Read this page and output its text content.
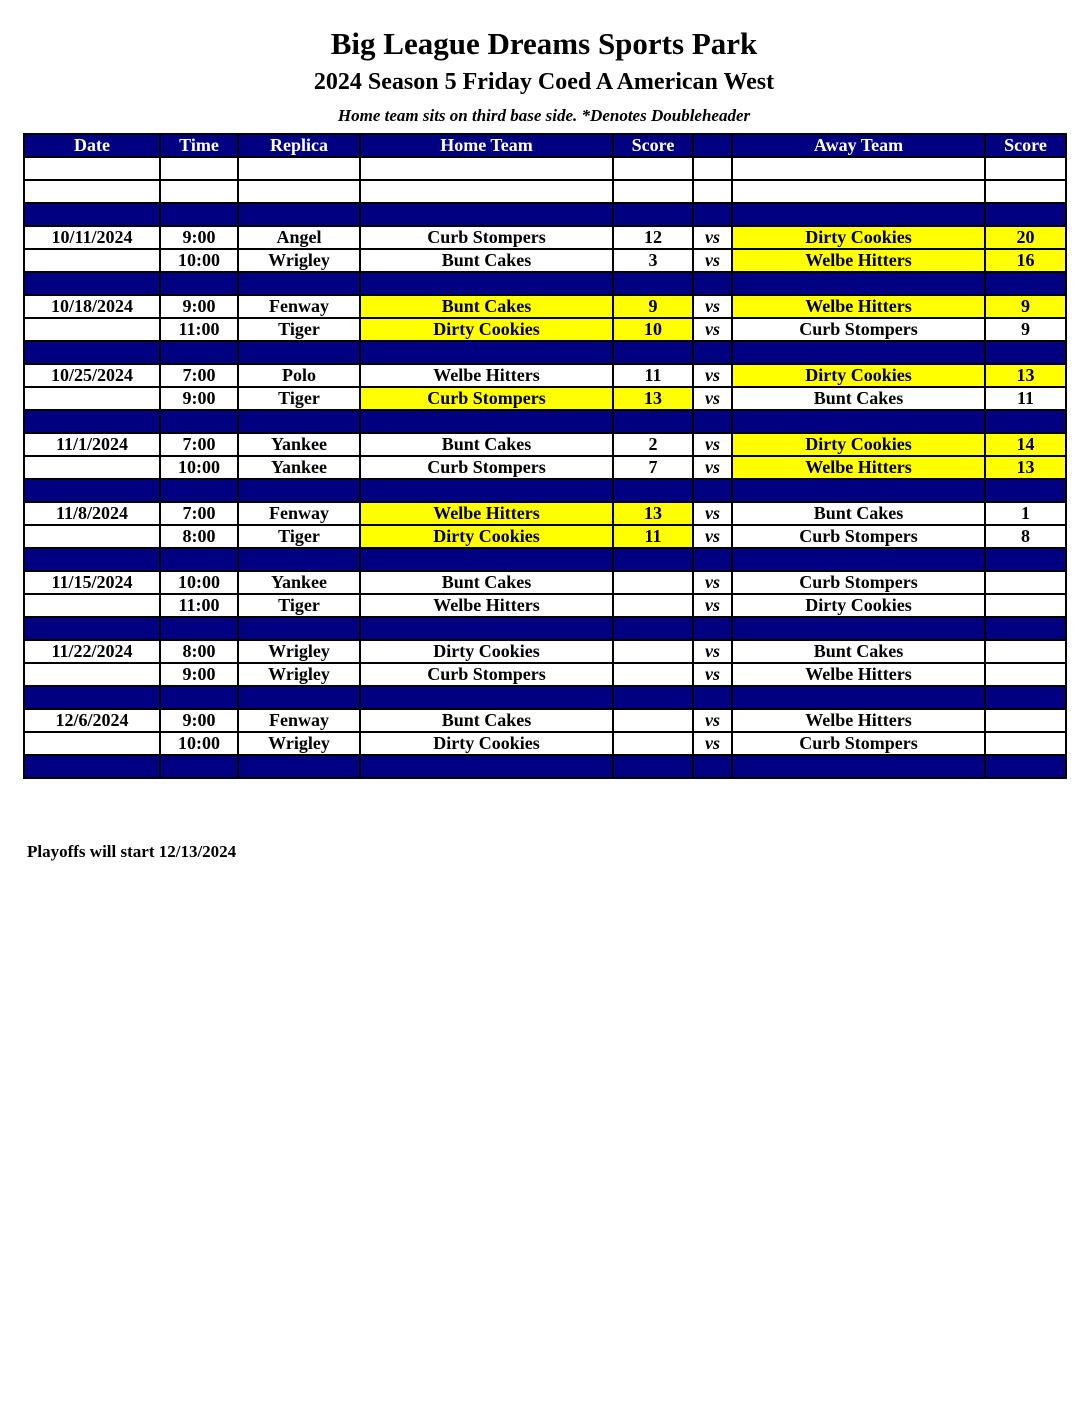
Big League Dreams Sports Park
2024 Season 5 Friday Coed A American West
Home team sits on third base side. *Denotes Doubleheader
Date	Time	Replica	Home Team	Score		Away Team	Score

10/11/2024	9:00	Angel	Curb Stompers	12	vs	Dirty Cookies	20
	10:00	Wrigley	Bunt Cakes	3	vs	Welbe Hitters	16

10/18/2024	9:00	Fenway	Bunt Cakes	9	vs	Welbe Hitters	9
	11:00	Tiger	Dirty Cookies	10	vs	Curb Stompers	9

10/25/2024	7:00	Polo	Welbe Hitters	11	vs	Dirty Cookies	13
	9:00	Tiger	Curb Stompers	13	vs	Bunt Cakes	11

11/1/2024	7:00	Yankee	Bunt Cakes	2	vs	Dirty Cookies	14
	10:00	Yankee	Curb Stompers	7	vs	Welbe Hitters	13

11/8/2024	7:00	Fenway	Welbe Hitters	13	vs	Bunt Cakes	1
	8:00	Tiger	Dirty Cookies	11	vs	Curb Stompers	8

11/15/2024	10:00	Yankee	Bunt Cakes		vs	Curb Stompers	
	11:00	Tiger	Welbe Hitters		vs	Dirty Cookies	

11/22/2024	8:00	Wrigley	Dirty Cookies		vs	Bunt Cakes	
	9:00	Wrigley	Curb Stompers		vs	Welbe Hitters	

12/6/2024	9:00	Fenway	Bunt Cakes		vs	Welbe Hitters	
	10:00	Wrigley	Dirty Cookies		vs	Curb Stompers	

Playoffs will start 12/13/2024
